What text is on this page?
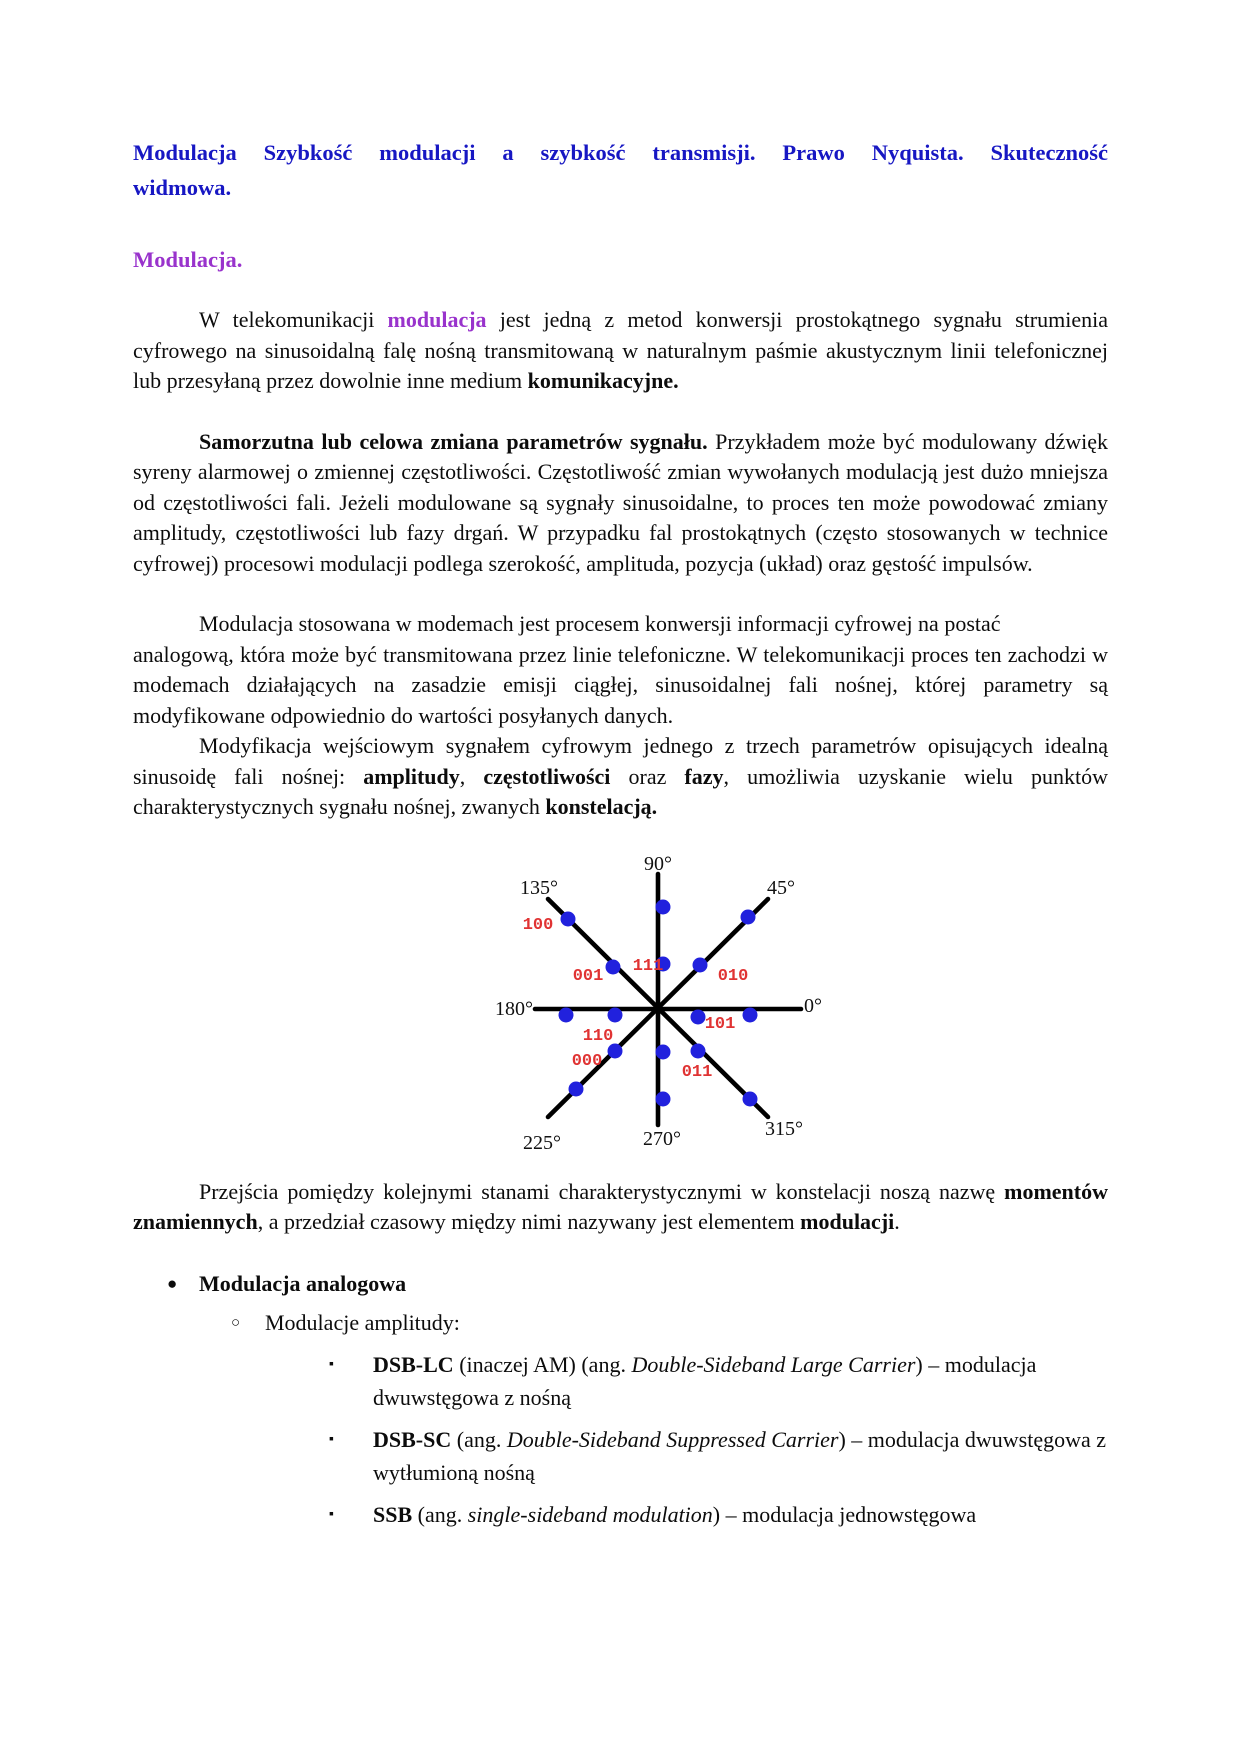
Modulacja Szybkość modulacji a szybkość transmisji. Prawo Nyquista. Skuteczność
widmowa.
Modulacja.

W telekomunikacji modulacja jest jedną z metod konwersji prostokątnego sygnału strumienia cyfrowego na sinusoidalną falę nośną transmitowaną w naturalnym paśmie akustycznym linii telefonicznej lub przesyłaną przez dowolnie inne medium komunikacyjne.

Samorzutna lub celowa zmiana parametrów sygnału. Przykładem może być modulowany dźwięk syreny alarmowej o zmiennej częstotliwości. Częstotliwość zmian wywołanych modulacją jest dużo mniejsza od częstotliwości fali. Jeżeli modulowane są sygnały sinusoidalne, to proces ten może powodować zmiany amplitudy, częstotliwości lub fazy drgań. W przypadku fal prostokątnych (często stosowanych w technice cyfrowej) procesowi modulacji podlega szerokość, amplituda, pozycja (układ) oraz gęstość impulsów.

Modulacja stosowana w modemach jest procesem konwersji informacji cyfrowej na postać
analogową, która może być transmitowana przez linie telefoniczne. W telekomunikacji proces ten zachodzi w modemach działających na zasadzie emisji ciągłej, sinusoidalnej fali nośnej, której parametry są modyfikowane odpowiednio do wartości posyłanych danych.

Modyfikacja wejściowym sygnałem cyfrowym jednego z trzech parametrów opisujących idealną sinusoidę fali nośnej: amplitudy, częstotliwości oraz fazy, umożliwia uzyskanie wielu punktów charakterystycznych sygnału nośnej, zwanych konstelacją.

90°
135°	45°
180°	0°
225°	270°	315°
100
001
111
010
110
101
000
011

Przejścia pomiędzy kolejnymi stanami charakterystycznymi w konstelacji noszą nazwę momentów znamiennych, a przedział czasowy między nimi nazywany jest elementem modulacji.

● Modulacja analogowa
○ Modulacje amplitudy:
▪ DSB-LC (inaczej AM) (ang. Double-Sideband Large Carrier) – modulacja dwuwstęgowa z nośną
▪ DSB-SC (ang. Double-Sideband Suppressed Carrier) – modulacja dwuwstęgowa z wytłumioną nośną
▪ SSB (ang. single-sideband modulation) – modulacja jednowstęgowa
